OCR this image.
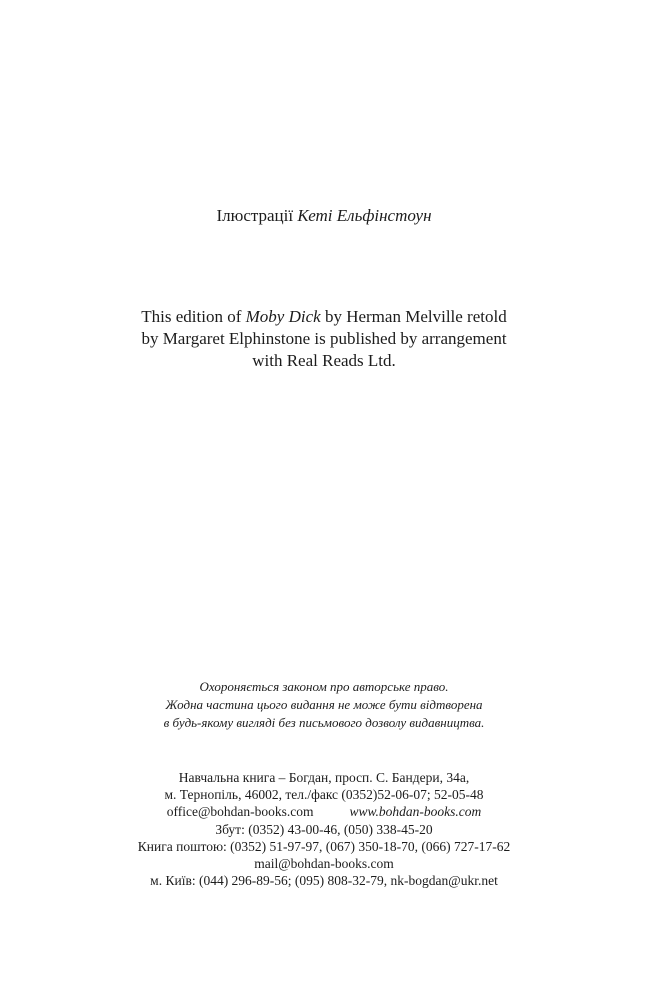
Ілюстрації Кеті Ельфінстоун
This edition of Moby Dick by Herman Melville retold
by Margaret Elphinstone is published by arrangement
with Real Reads Ltd.
Охороняється законом про авторське право.
Жодна частина цього видання не може бути відтворена
в будь-якому вигляді без письмового дозволу видавництва.
Навчальна книга – Богдан, просп. С. Бандери, 34а,
м. Тернопіль, 46002, тел./факс (0352)52-06-07; 52-05-48
office@bohdan-books.com	www.bohdan-books.com
Збут: (0352) 43-00-46, (050) 338-45-20
Книга поштою: (0352) 51-97-97, (067) 350-18-70, (066) 727-17-62
mail@bohdan-books.com
м. Київ: (044) 296-89-56; (095) 808-32-79, nk-bogdan@ukr.net
